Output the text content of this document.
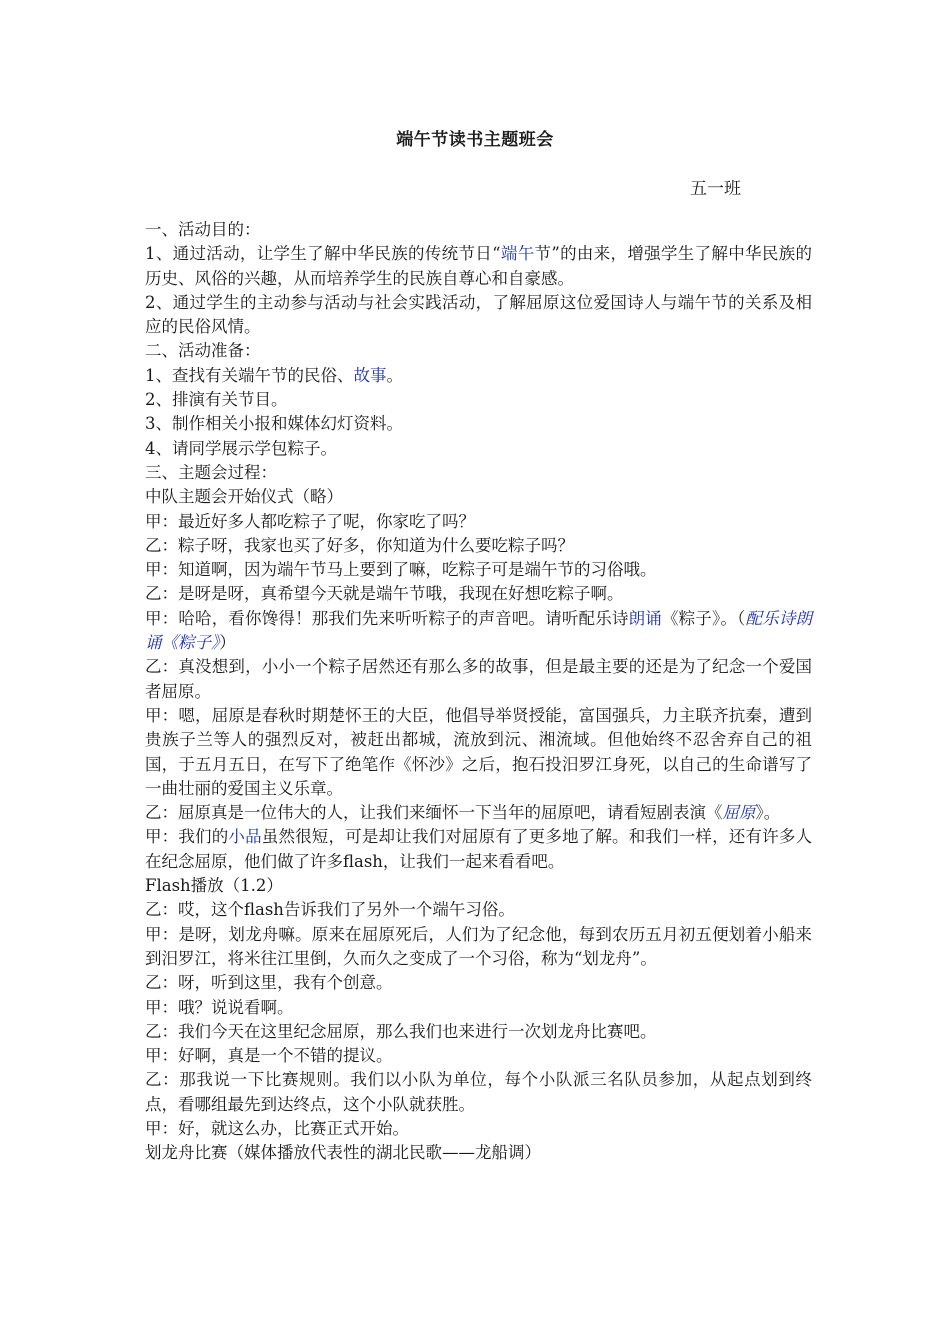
端午节读书主题班会
五一班

一、活动目的：

1、通过活动，让学生了解中华民族的传统节日“端午节”的由来，增强学生了解中华民族的历史、风俗的兴趣，从而培养学生的民族自尊心和自豪感。

2、通过学生的主动参与活动与社会实践活动，了解屈原这位爱国诗人与端午节的关系及相应的民俗风情。

二、活动准备：

1、查找有关端午节的民俗、故事。

2、排演有关节目。

3、制作相关小报和媒体幻灯资料。

4、请同学展示学包粽子。

三、主题会过程：

中队主题会开始仪式（略）

甲：最近好多人都吃粽子了呢，你家吃了吗？

乙：粽子呀，我家也买了好多，你知道为什么要吃粽子吗？

甲：知道啊，因为端午节马上要到了嘛，吃粽子可是端午节的习俗哦。

乙：是呀是呀，真希望今天就是端午节哦，我现在好想吃粽子啊。

甲：哈哈，看你馋得！那我们先来听听粽子的声音吧。请听配乐诗朗诵《粽子》。（配乐诗朗诵《粽子》）

乙：真没想到，小小一个粽子居然还有那么多的故事，但是最主要的还是为了纪念一个爱国者屈原。

甲：嗯，屈原是春秋时期楚怀王的大臣，他倡导举贤授能，富国强兵，力主联齐抗秦，遭到贵族子兰等人的强烈反对，被赶出都城，流放到沅、湘流域。但他始终不忍舍弃自己的祖国，于五月五日，在写下了绝笔作《怀沙》之后，抱石投汨罗江身死，以自己的生命谱写了一曲壮丽的爱国主义乐章。

乙：屈原真是一位伟大的人，让我们来缅怀一下当年的屈原吧，请看短剧表演《屈原》。

甲：我们的小品虽然很短，可是却让我们对屈原有了更多地了解。和我们一样，还有许多人在纪念屈原，他们做了许多flash，让我们一起来看看吧。

Flash播放（1.2）

乙：哎，这个flash告诉我们了另外一个端午习俗。

甲：是呀，划龙舟嘛。原来在屈原死后，人们为了纪念他，每到农历五月初五便划着小船来到汨罗江，将米往江里倒，久而久之变成了一个习俗，称为“划龙舟”。

乙：呀，听到这里，我有个创意。

甲：哦？说说看啊。

乙：我们今天在这里纪念屈原，那么我们也来进行一次划龙舟比赛吧。

甲：好啊，真是一个不错的提议。

乙：那我说一下比赛规则。我们以小队为单位，每个小队派三名队员参加，从起点划到终点，看哪组最先到达终点，这个小队就获胜。

甲：好，就这么办，比赛正式开始。

划龙舟比赛（媒体播放代表性的湖北民歌——龙船调）
